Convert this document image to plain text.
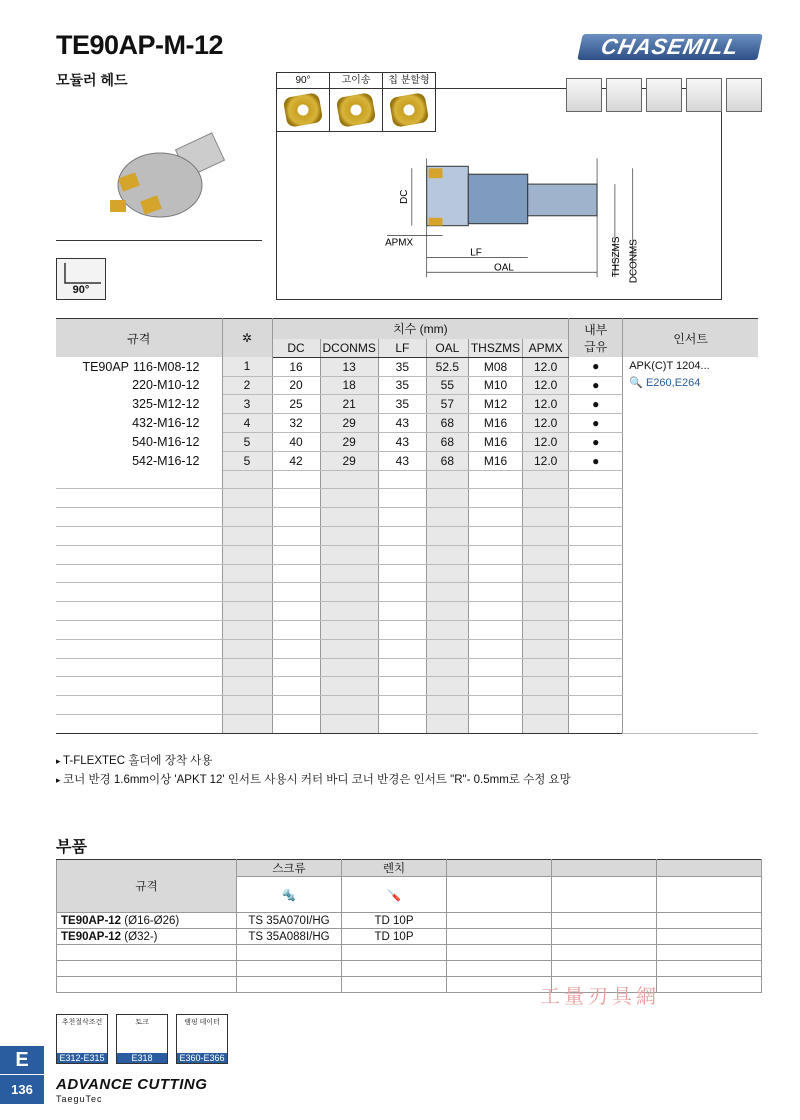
TE90AP-M-12
모듈러 헤드
CHASEMILL
90°
90°	고이송	칩 분할형
DC
APMX
LF
OAL	THSZMS DCONMS
규격	✲	치수 (mm)						내부
급유	인서트
		DC	DCONMS	LF	OAL	THSZMS	APMX		
TE90AP 116-M08-12	1	16	13	35	52.5	M08	12.0	●	APK(C)T 1204...
🔍 E260,E264

220-M10-12	2	20	18	35	55	M10	12.0	●	
325-M12-12	3	25	21	35	57	M12	12.0	●	
432-M16-12	4	32	29	43	68	M16	12.0	●	
540-M16-12	5	40	29	43	68	M16	12.0	●	
542-M16-12	5	42	29	43	68	M16	12.0	●	

▸ T-FLEXTEC 홀더에 장착 사용
▸ 코너 반경 1.6mm이상 'APKT 12' 인서트 사용시 커터 바디 코너 반경은 인서트 "R"- 0.5mm로 수정 요망
부품
규격	스크류	렌치			
	🔩	🪛			
TE90AP-12 (Ø16-Ø26)	TS 35A070I/HG	TD 10P			
TE90AP-12 (Ø32-)	TS 35A088I/HG	TD 10P			

工量刃具網
추천절삭조건
E312-E315
토크
E318
램핑 데이터
E360-E366
E
136	ADVANCE CUTTING
TaeguTec
